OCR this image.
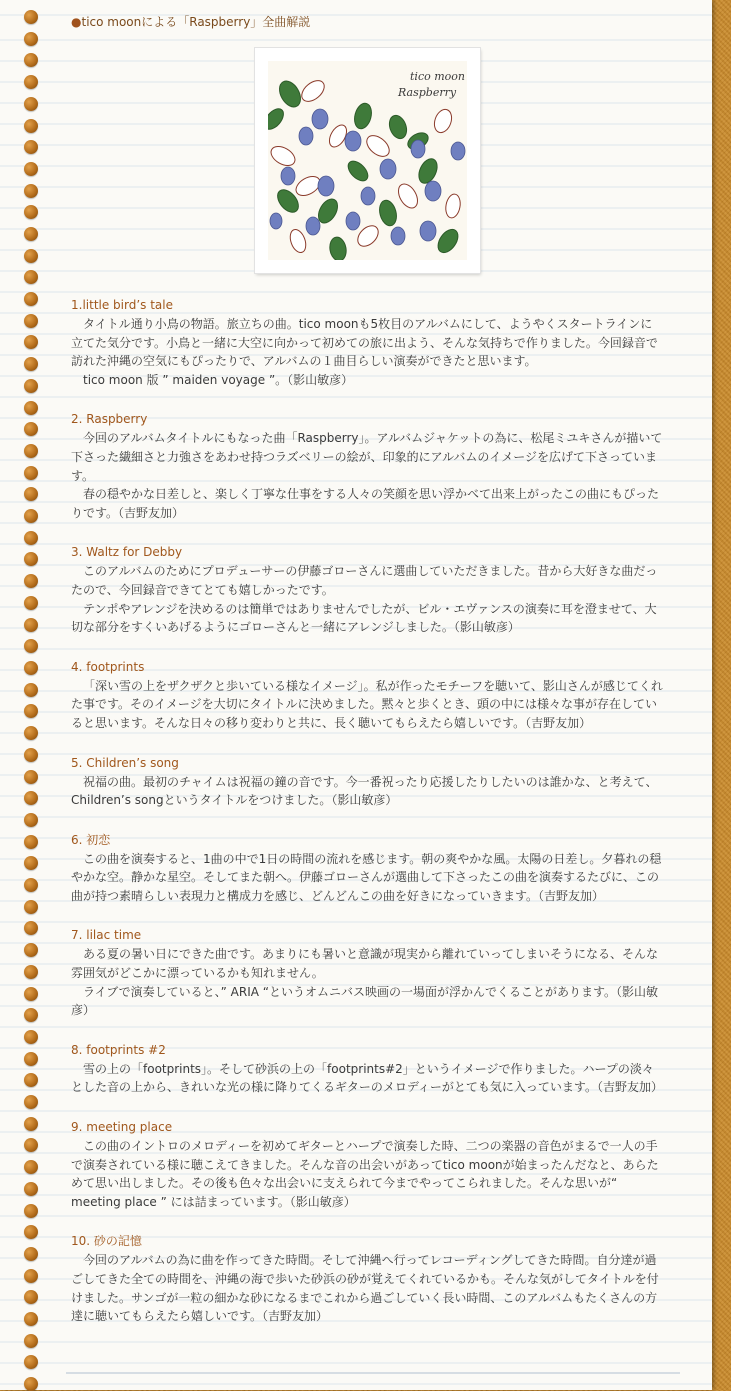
●tico moonによる「Raspberry」全曲解説
tico moon
Raspberry
1.little bird’s tale

タイトル通り小鳥の物語。旅立ちの曲。tico moonも5枚目のアルバムにして、ようやくスタートラインに立てた気分です。小鳥と一緒に大空に向かって初めての旅に出よう、そんな気持ちで作りました。今回録音で訪れた沖縄の空気にもぴったりで、アルバムの１曲目らしい演奏ができたと思います。

tico moon 版 ” maiden voyage ”。（影山敏彦）

2. Raspberry

今回のアルバムタイトルにもなった曲「Raspberry」。アルバムジャケットの為に、松尾ミユキさんが描いて下さった繊細さと力強さをあわせ持つラズベリーの絵が、印象的にアルバムのイメージを広げて下さっています。

春の穏やかな日差しと、楽しく丁寧な仕事をする人々の笑顔を思い浮かべて出来上がったこの曲にもぴったりです。（吉野友加）

3. Waltz for Debby

このアルバムのためにプロデューサーの伊藤ゴローさんに選曲していただきました。昔から大好きな曲だったので、今回録音できてとても嬉しかったです。

テンポやアレンジを決めるのは簡単ではありませんでしたが、ビル・エヴァンスの演奏に耳を澄ませて、大切な部分をすくいあげるようにゴローさんと一緒にアレンジしました。（影山敏彦）

4. footprints

「深い雪の上をザクザクと歩いている様なイメージ」。私が作ったモチーフを聴いて、影山さんが感じてくれた事です。そのイメージを大切にタイトルに決めました。黙々と歩くとき、頭の中には様々な事が存在していると思います。そんな日々の移り変わりと共に、長く聴いてもらえたら嬉しいです。（吉野友加）

5. Children’s song

祝福の曲。最初のチャイムは祝福の鐘の音です。今一番祝ったり応援したりしたいのは誰かな、と考えて、Children’s songというタイトルをつけました。（影山敏彦）

6. 初恋

この曲を演奏すると、1曲の中で1日の時間の流れを感じます。朝の爽やかな風。太陽の日差し。夕暮れの穏やかな空。静かな星空。そしてまた朝へ。伊藤ゴローさんが選曲して下さったこの曲を演奏するたびに、この曲が持つ素晴らしい表現力と構成力を感じ、どんどんこの曲を好きになっていきます。（吉野友加）

7. lilac time

ある夏の暑い日にできた曲です。あまりにも暑いと意識が現実から離れていってしまいそうになる、そんな雰囲気がどこかに漂っているかも知れません。

ライブで演奏していると、” ARIA “というオムニバス映画の一場面が浮かんでくることがあります。（影山敏彦）

8. footprints #2

雪の上の「footprints」。そして砂浜の上の「footprints#2」というイメージで作りました。ハープの淡々とした音の上から、きれいな光の様に降りてくるギターのメロディーがとても気に入っています。（吉野友加）

9. meeting place

この曲のイントロのメロディーを初めてギターとハープで演奏した時、二つの楽器の音色がまるで一人の手で演奏されている様に聴こえてきました。そんな音の出会いがあってtico moonが始まったんだなと、あらためて思い出しました。その後も色々な出会いに支えられて今までやってこられました。そんな思いが“ meeting place ” には詰まっています。（影山敏彦）

10. 砂の記憶

今回のアルバムの為に曲を作ってきた時間。そして沖縄へ行ってレコーディングしてきた時間。自分達が過ごしてきた全ての時間を、沖縄の海で歩いた砂浜の砂が覚えてくれているかも。そんな気がしてタイトルを付けました。サンゴが一粒の細かな砂になるまでこれから過ごしていく長い時間、このアルバムもたくさんの方達に聴いてもらえたら嬉しいです。（吉野友加）
